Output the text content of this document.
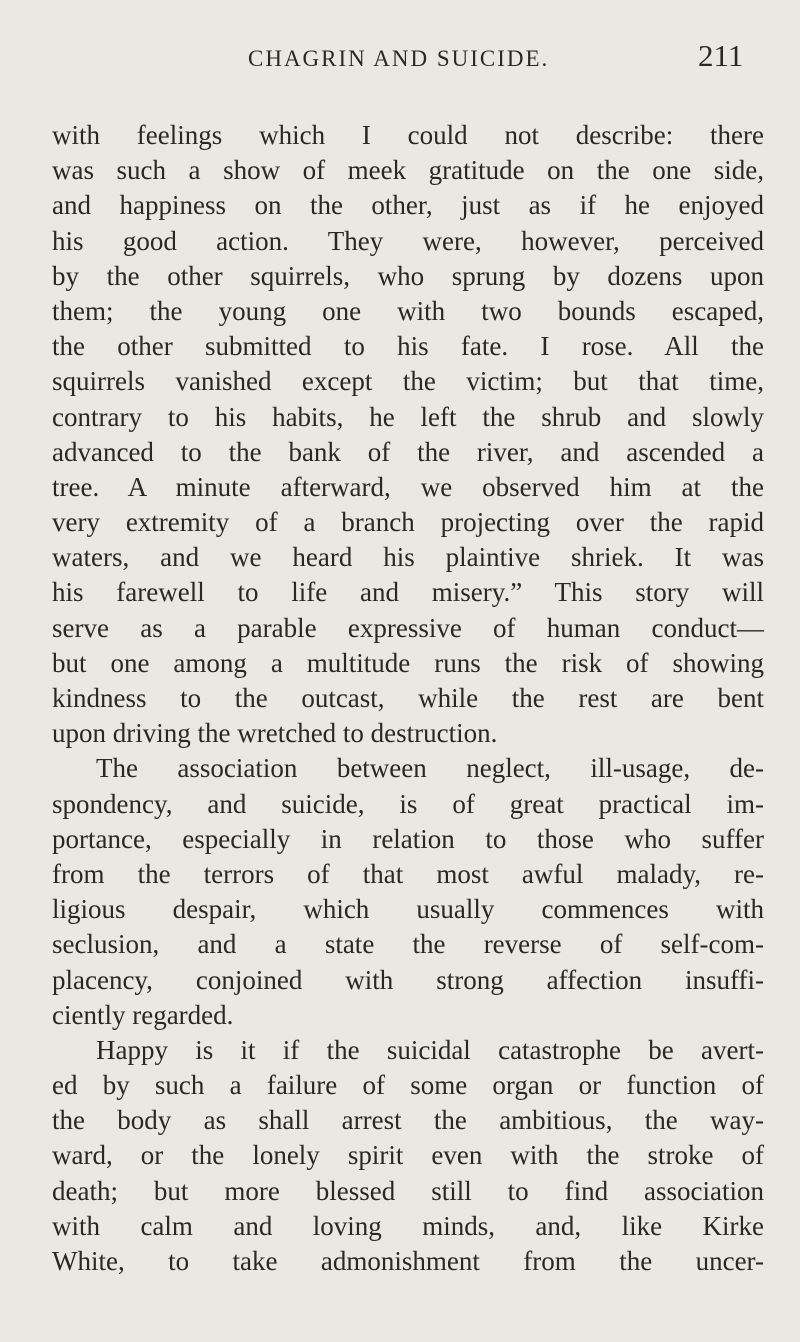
CHAGRIN AND SUICIDE.	211
with feelings which I could not describe: there
was such a show of meek gratitude on the one side,
and happiness on the other, just as if he enjoyed
his good action. They were, however, perceived
by the other squirrels, who sprung by dozens upon
them; the young one with two bounds escaped,
the other submitted to his fate. I rose. All the
squirrels vanished except the victim; but that time,
contrary to his habits, he left the shrub and slowly
advanced to the bank of the river, and ascended a
tree. A minute afterward, we observed him at the
very extremity of a branch projecting over the rapid
waters, and we heard his plaintive shriek. It was
his farewell to life and misery.” This story will
serve as a parable expressive of human conduct—
but one among a multitude runs the risk of showing
kindness to the outcast, while the rest are bent
upon driving the wretched to destruction.
The association between neglect, ill-usage, de-
spondency, and suicide, is of great practical im-
portance, especially in relation to those who suffer
from the terrors of that most awful malady, re-
ligious despair, which usually commences with
seclusion, and a state the reverse of self-com-
placency, conjoined with strong affection insuffi-
ciently regarded.
Happy is it if the suicidal catastrophe be avert-
ed by such a failure of some organ or function of
the body as shall arrest the ambitious, the way-
ward, or the lonely spirit even with the stroke of
death; but more blessed still to find association
with calm and loving minds, and, like Kirke
White, to take admonishment from the uncer-
